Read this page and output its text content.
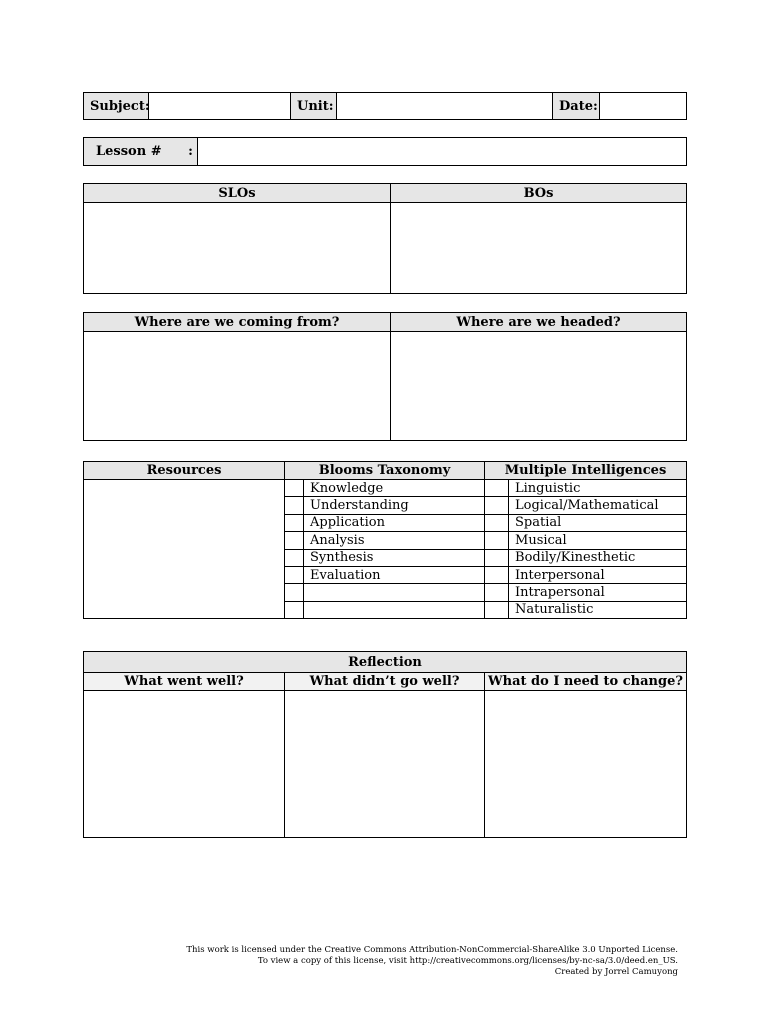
Subject:		Unit:		Date:	
Lesson # :	
SLOs	BOs

Where are we coming from?	Where are we headed?

Resources	Blooms Taxonomy		Multiple Intelligences	
		Knowledge		Linguistic
		Understanding		Logical/Mathematical
		Application		Spatial
		Analysis		Musical
		Synthesis		Bodily/Kinesthetic
		Evaluation		Interpersonal
				Intrapersonal
				Naturalistic
Reflection		
What went well?	What didn’t go well?	What do I need to change?

This work is licensed under the Creative Commons Attribution-NonCommercial-ShareAlike 3.0 Unported License.
To view a copy of this license, visit http://creativecommons.org/licenses/by-nc-sa/3.0/deed.en_US.
Created by Jorrel Camuyong
